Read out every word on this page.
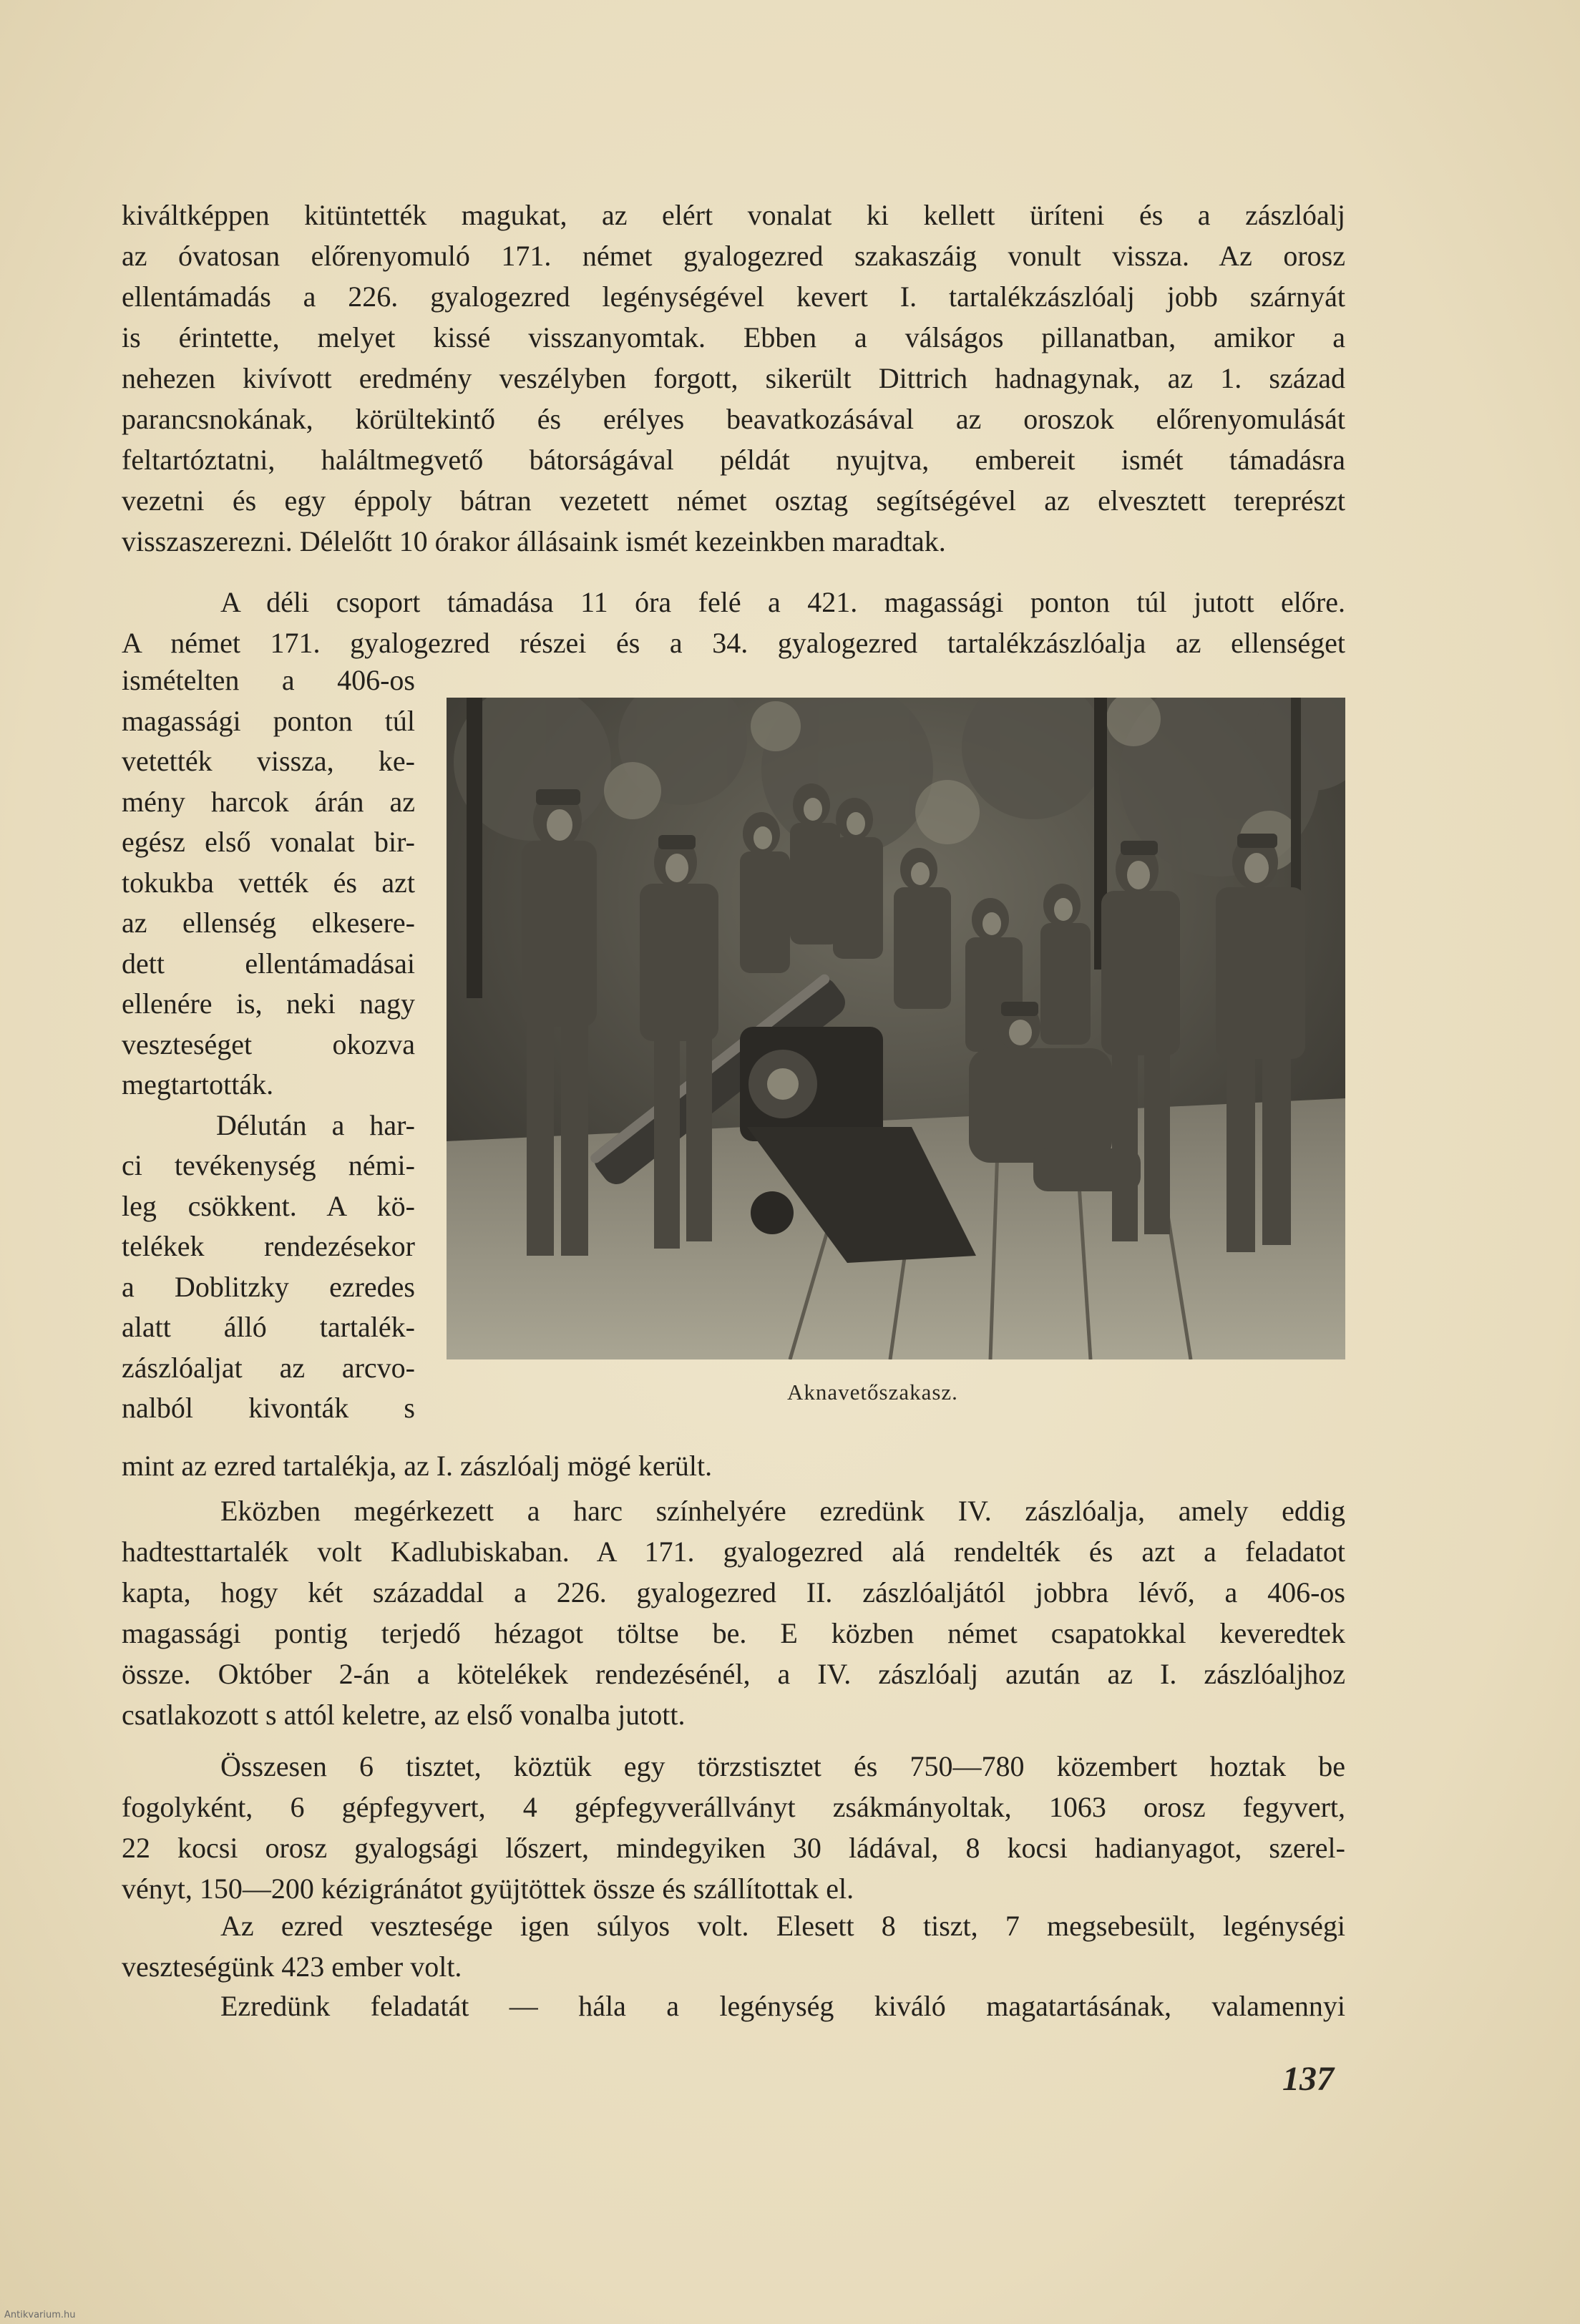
kiváltképpen kitüntették magukat, az elért vonalat ki kellett üríteni és a zászlóalj
az óvatosan előrenyomuló 171. német gyalogezred szakaszáig vonult vissza. Az orosz
ellentámadás a 226. gyalogezred legénységével kevert I. tartalékzászlóalj jobb szárnyát
is érintette, melyet kissé visszanyomtak. Ebben a válságos pillanatban, amikor a
nehezen kivívott eredmény veszélyben forgott, sikerült Dittrich hadnagynak, az 1. század
parancsnokának, körültekintő és erélyes beavatkozásával az oroszok előrenyomulását
feltartóztatni, haláltmegvető bátorságával példát nyujtva, embereit ismét támadásra
vezetni és egy éppoly bátran vezetett német osztag segítségével az elvesztett tereprészt
visszaszerezni. Délelőtt 10 órakor állásaink ismét kezeinkben maradtak.
A déli csoport támadása 11 óra felé a 421. magassági ponton túl jutott előre.
A német 171. gyalogezred részei és a 34. gyalogezred tartalékzászlóalja az ellenséget
ismételten a 406-os
magassági ponton túl
vetették vissza, ke-
mény harcok árán az
egész első vonalat bir-
tokukba vették és azt
az ellenség elkesere-
dett ellentámadásai
ellenére is, neki nagy
veszteséget okozva
megtartották.
Délután a har-
ci tevékenység némi-
leg csökkent. A kö-
telékek rendezésekor
a Doblitzky ezredes
alatt álló tartalék-
zászlóaljat az arcvo-
nalból kivonták s	Aknavetőszakasz.
mint az ezred tartalékja, az I. zászlóalj mögé került.
Eközben megérkezett a harc színhelyére ezredünk IV. zászlóalja, amely eddig
hadtesttartalék volt Kadlubiskaban. A 171. gyalogezred alá rendelték és azt a feladatot
kapta, hogy két századdal a 226. gyalogezred II. zászlóaljától jobbra lévő, a 406-os
magassági pontig terjedő hézagot töltse be. E közben német csapatokkal keveredtek
össze. Október 2-án a kötelékek rendezésénél, a IV. zászlóalj azután az I. zászlóaljhoz
csatlakozott s attól keletre, az első vonalba jutott.
Összesen 6 tisztet, köztük egy törzstisztet és 750—780 közembert hoztak be
fogolyként, 6 gépfegyvert, 4 gépfegyverállványt zsákmányoltak, 1063 orosz fegyvert,
22 kocsi orosz gyalogsági lőszert, mindegyiken 30 ládával, 8 kocsi hadianyagot, szerel-
vényt, 150—200 kézigránátot gyüjtöttek össze és szállítottak el.
Az ezred vesztesége igen súlyos volt. Elesett 8 tiszt, 7 megsebesült, legénységi
veszteségünk 423 ember volt.
Ezredünk feladatát — hála a legénység kiváló magatartásának, valamennyi
137
Antikvarium.hu
